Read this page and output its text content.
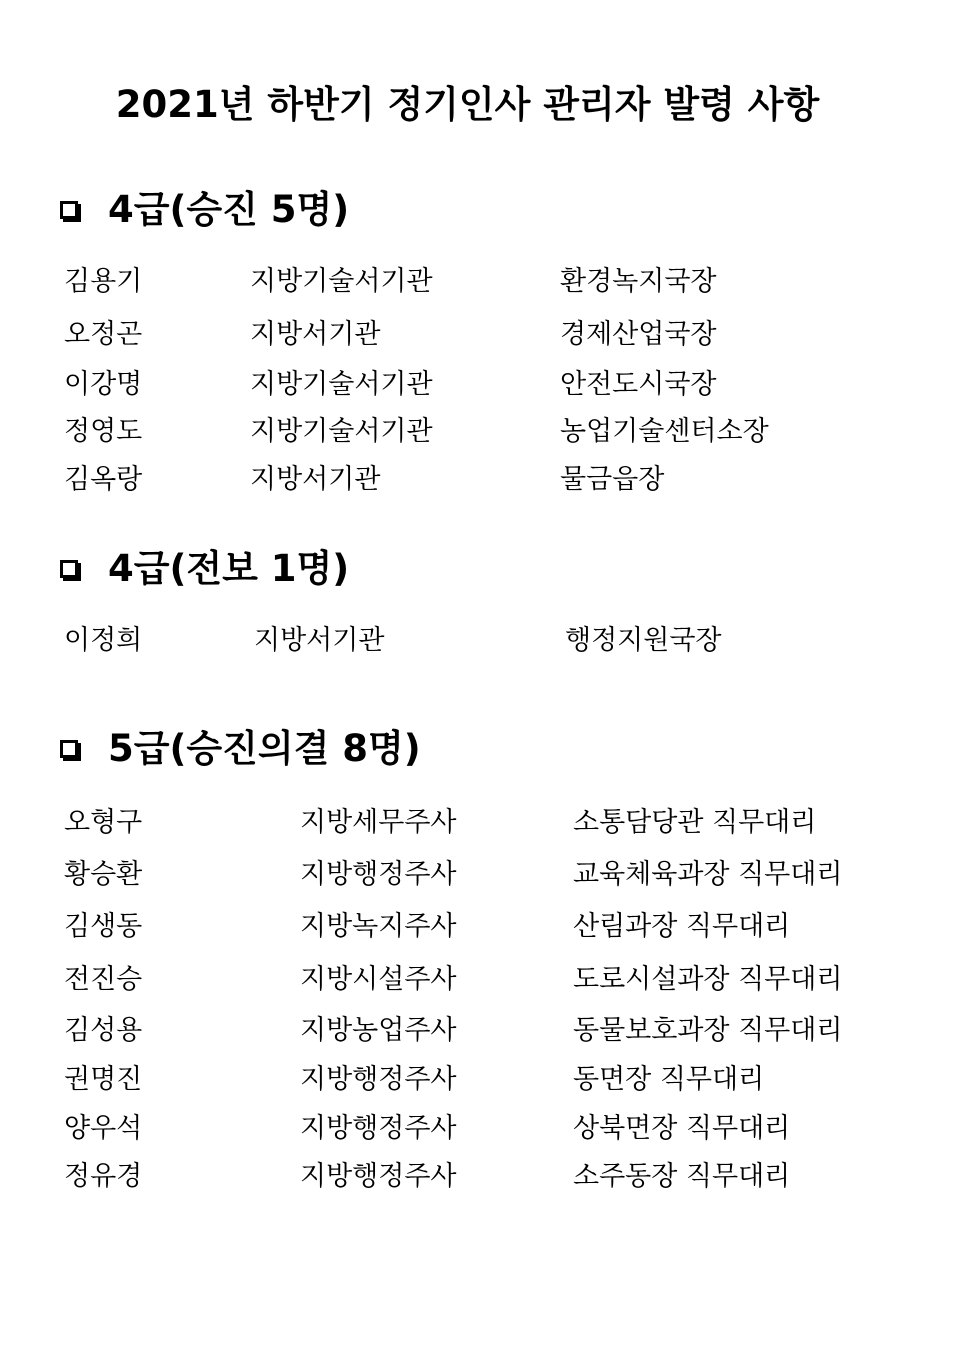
2021년 하반기 정기인사 관리자 발령 사항
4급(승진 5명)
김용기	지방기술서기관	환경녹지국장
오정곤	지방서기관	경제산업국장
이강명	지방기술서기관	안전도시국장
정영도	지방기술서기관	농업기술센터소장
김옥랑	지방서기관	물금읍장
4급(전보 1명)
이정희	지방서기관	행정지원국장
5급(승진의결 8명)
오형구	지방세무주사	소통담당관 직무대리
황승환	지방행정주사	교육체육과장 직무대리
김생동	지방녹지주사	산림과장 직무대리
전진승	지방시설주사	도로시설과장 직무대리
김성용	지방농업주사	동물보호과장 직무대리
권명진	지방행정주사	동면장 직무대리
양우석	지방행정주사	상북면장 직무대리
정유경	지방행정주사	소주동장 직무대리
